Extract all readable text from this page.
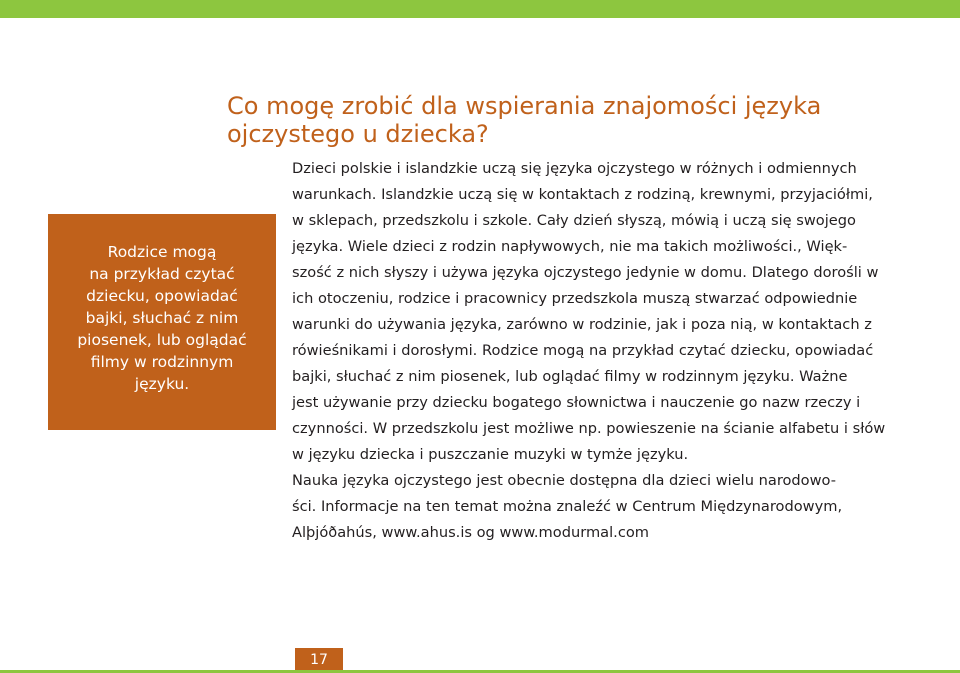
Co mogę zrobić dla wspierania znajomości języka ojczystego u dziecka?

Rodzice mogą
na przykład czytać
dziecku, opowiadać
bajki, słuchać z nim
piosenek, lub oglądać
filmy w rodzinnym
języku.

Dzieci polskie i islandzkie uczą się języka ojczystego w różnych i odmiennych
warunkach. Islandzkie uczą się w kontaktach z rodziną, krewnymi, przyjaciółmi,
w sklepach, przedszkolu i szkole. Cały dzień słyszą, mówią i uczą się swojego
języka. Wiele dzieci z rodzin napływowych, nie ma takich możliwości., Więk-
szość z nich słyszy i używa języka ojczystego jedynie w domu. Dlatego dorośli w
ich otoczeniu, rodzice i pracownicy przedszkola muszą stwarzać odpowiednie
warunki do używania języka, zarówno w rodzinie, jak i poza nią, w kontaktach z
rówieśnikami i dorosłymi. Rodzice mogą na przykład czytać dziecku, opowiadać
bajki, słuchać z nim piosenek, lub oglądać filmy w rodzinnym języku. Ważne
jest używanie przy dziecku bogatego słownictwa i nauczenie go nazw rzeczy i
czynności. W przedszkolu jest możliwe np. powieszenie na ścianie alfabetu i słów
w języku dziecka i puszczanie muzyki w tymże języku.
Nauka języka ojczystego jest obecnie dostępna dla dzieci wielu narodowo-
ści. Informacje na ten temat można znaleźć w Centrum Międzynarodowym,
Alþjóðahús, www.ahus.is og www.modurmal.com

17
